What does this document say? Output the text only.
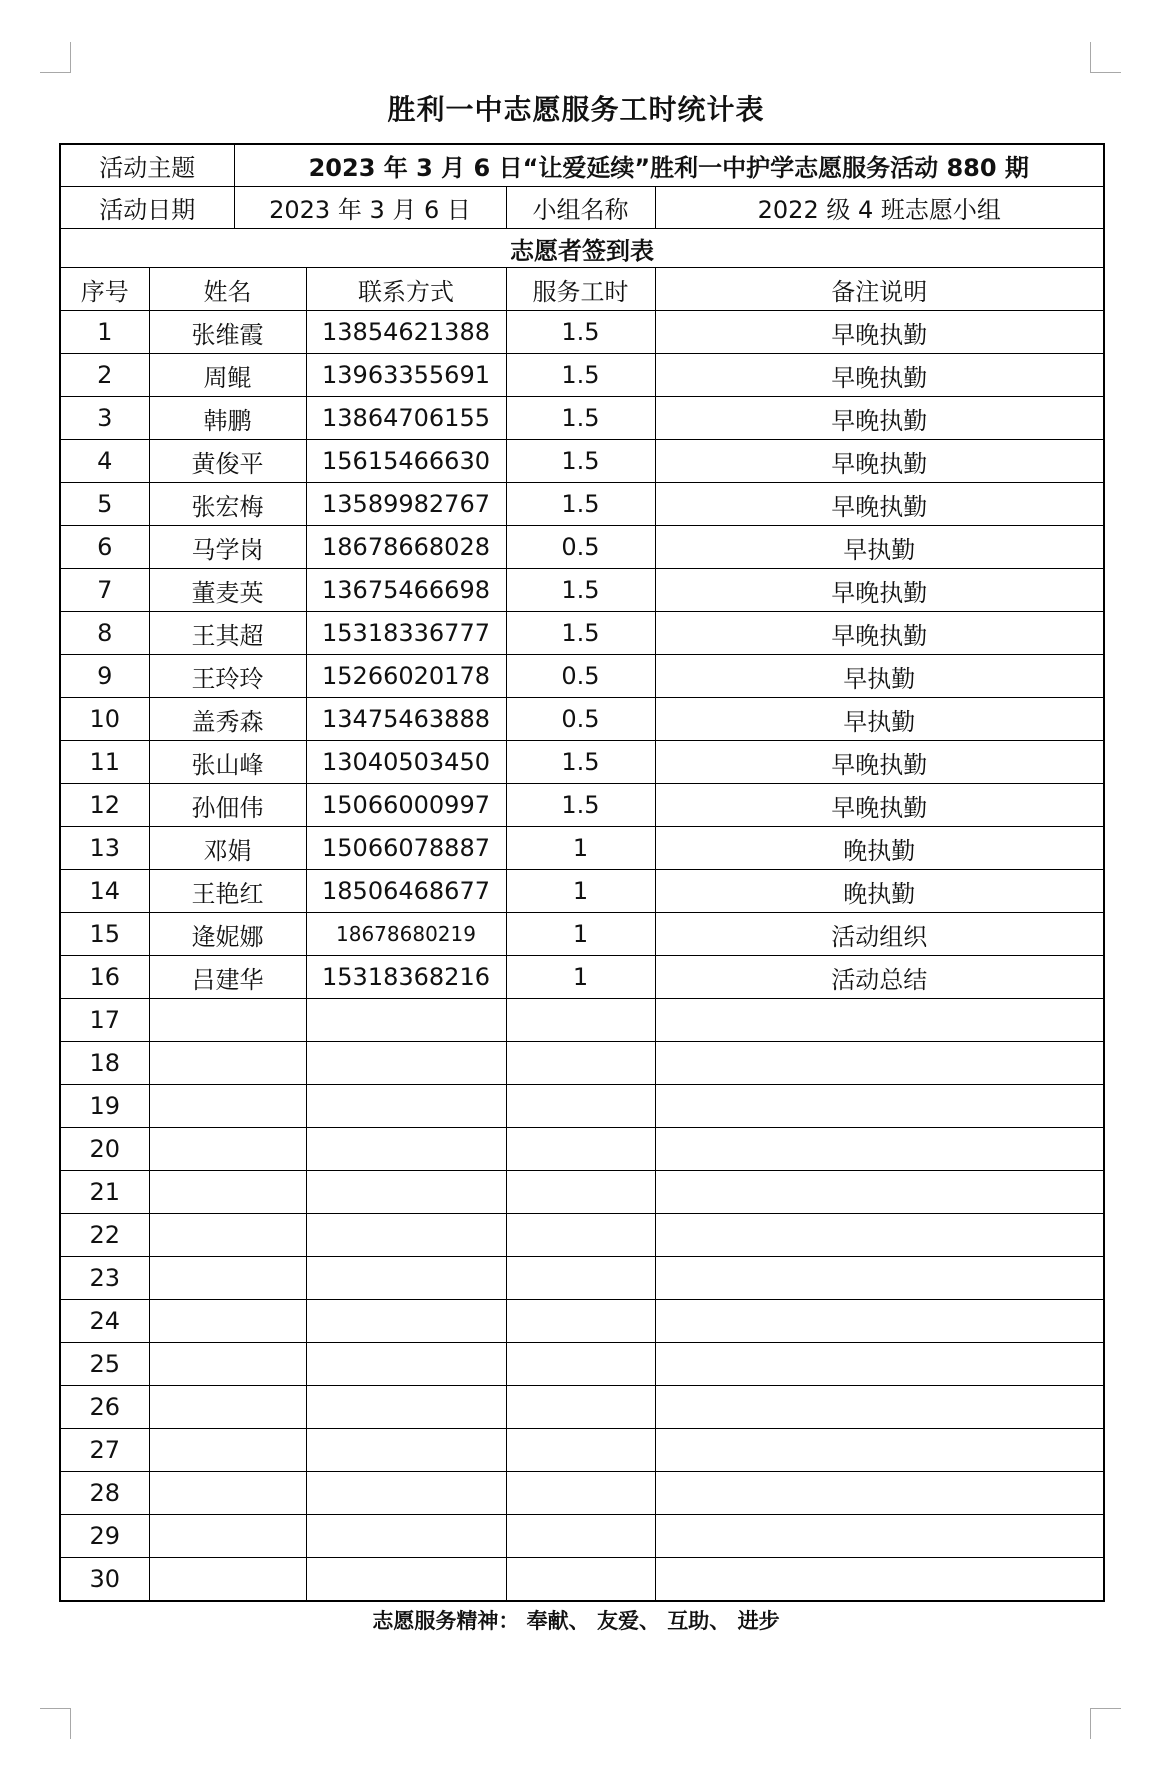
胜利一中志愿服务工时统计表
活动主题		2023 年 3 月 6 日“让爱延续”胜利一中护学志愿服务活动 880 期			
活动日期		2023 年 3 月 6 日		小组名称	2022 级 4 班志愿小组
志愿者签到表					
序号	姓名		联系方式	服务工时	备注说明
1	张维霞		13854621388	1.5	早晚执勤
2	周鲲		13963355691	1.5	早晚执勤
3	韩鹏		13864706155	1.5	早晚执勤
4	黄俊平		15615466630	1.5	早晚执勤
5	张宏梅		13589982767	1.5	早晚执勤
6	马学岗		18678668028	0.5	早执勤
7	董麦英		13675466698	1.5	早晚执勤
8	王其超		15318336777	1.5	早晚执勤
9	王玲玲		15266020178	0.5	早执勤
10	盖秀森		13475463888	0.5	早执勤
11	张山峰		13040503450	1.5	早晚执勤
12	孙佃伟		15066000997	1.5	早晚执勤
13	邓娟		15066078887	1	晚执勤
14	王艳红		18506468677	1	晚执勤
15	逄妮娜		18678680219	1	活动组织
16	吕建华		15318368216	1	活动总结
17					
18					
19					
20					
21					
22					
23					
24					
25					
26					
27					
28					
29					
30					
志愿服务精神： 奉献、 友爱、 互助、 进步
